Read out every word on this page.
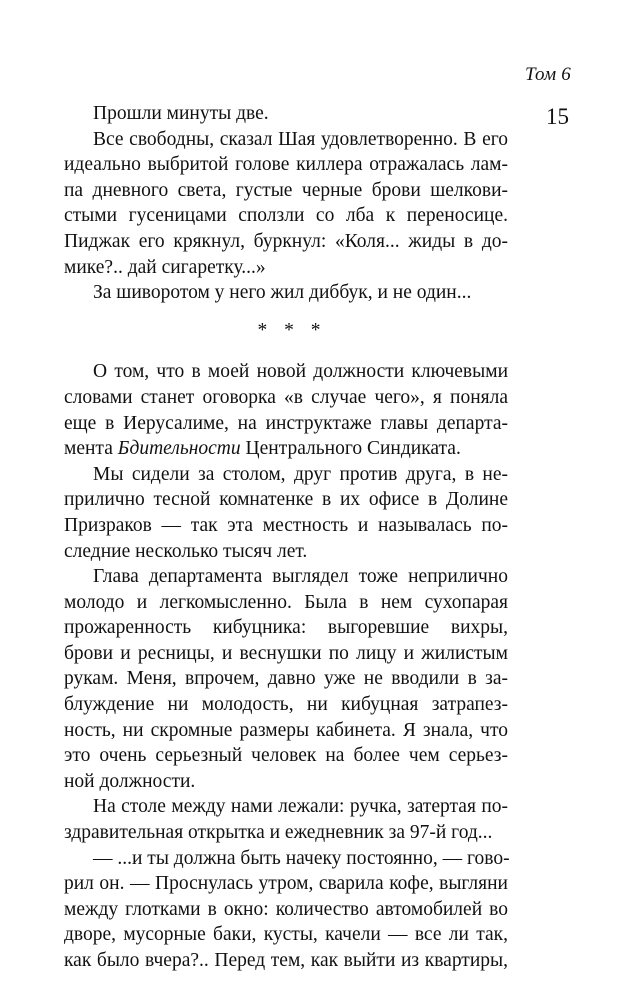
Том 6
15
Прошли минуты две.
Все свободны, сказал Шая удовлетворенно. В его
идеально выбритой голове киллера отражалась лам-
па дневного света, густые черные брови шелкови-
стыми гусеницами сползли со лба к переносице.
Пиджак его крякнул, буркнул: «Коля... жиды в до-
мике?.. дай сигаретку...»
За шиворотом у него жил диббук, и не один...
* * *
О том, что в моей новой должности ключевыми
словами станет оговорка «в случае чего», я поняла
еще в Иерусалиме, на инструктаже главы департа-
мента Бдительности Центрального Синдиката.
Мы сидели за столом, друг против друга, в не-
прилично тесной комнатенке в их офисе в Долине
Призраков — так эта местность и называлась по-
следние несколько тысяч лет.
Глава департамента выглядел тоже неприлично
молодо и легкомысленно. Была в нем сухопарая
прожаренность кибуцника: выгоревшие вихры,
брови и ресницы, и веснушки по лицу и жилистым
рукам. Меня, впрочем, давно уже не вводили в за-
блуждение ни молодость, ни кибуцная затрапез-
ность, ни скромные размеры кабинета. Я знала, что
это очень серьезный человек на более чем серьез-
ной должности.
На столе между нами лежали: ручка, затертая по-
здравительная открытка и ежедневник за 97-й год...
— ...и ты должна быть начеку постоянно, — гово-
рил он. — Проснулась утром, сварила кофе, выгляни
между глотками в окно: количество автомобилей во
дворе, мусорные баки, кусты, качели — все ли так,
как было вчера?.. Перед тем, как выйти из квартиры,
